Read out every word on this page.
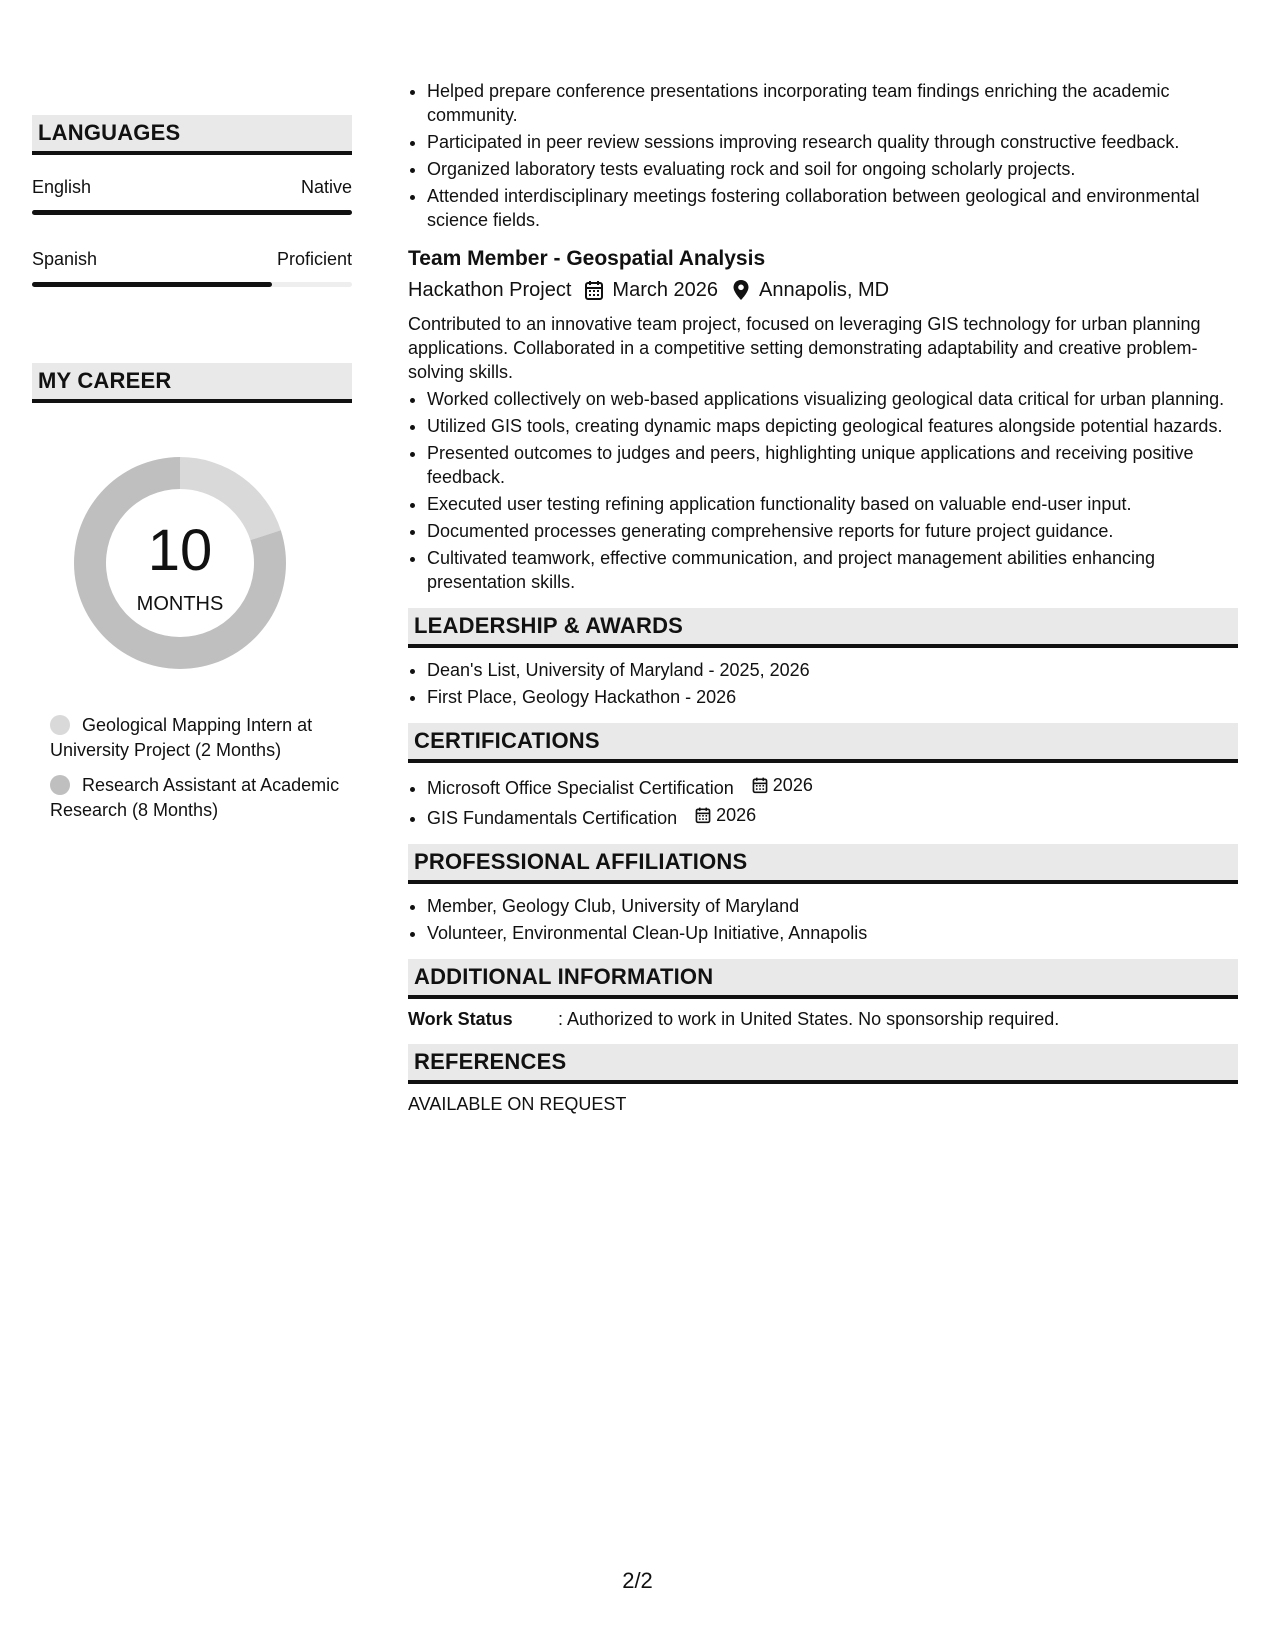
LANGUAGES
English	Native
Spanish	Proficient
MY CAREER
10
MONTHS
Geological Mapping Intern at University Project (2 Months)
Research Assistant at Academic Research (8 Months)
• Helped prepare conference presentations incorporating team findings enriching the academic community.
• Participated in peer review sessions improving research quality through constructive feedback.
• Organized laboratory tests evaluating rock and soil for ongoing scholarly projects.
• Attended interdisciplinary meetings fostering collaboration between geological and environmental science fields.
Team Member - Geospatial Analysis
Hackathon Project March 2026 Annapolis, MD
Contributed to an innovative team project, focused on leveraging GIS technology for urban planning applications. Collaborated in a competitive setting demonstrating adaptability and creative problem-solving skills.
• Worked collectively on web-based applications visualizing geological data critical for urban planning.
• Utilized GIS tools, creating dynamic maps depicting geological features alongside potential hazards.
• Presented outcomes to judges and peers, highlighting unique applications and receiving positive feedback.
• Executed user testing refining application functionality based on valuable end-user input.
• Documented processes generating comprehensive reports for future project guidance.
• Cultivated teamwork, effective communication, and project management abilities enhancing presentation skills.
LEADERSHIP & AWARDS
• Dean's List, University of Maryland - 2025, 2026
• First Place, Geology Hackathon - 2026
CERTIFICATIONS
• Microsoft Office Specialist Certification 2026
• GIS Fundamentals Certification 2026
PROFESSIONAL AFFILIATIONS
• Member, Geology Club, University of Maryland
• Volunteer, Environmental Clean-Up Initiative, Annapolis
ADDITIONAL INFORMATION
Work Status	: Authorized to work in United States. No sponsorship required.
REFERENCES
AVAILABLE ON REQUEST
2/2
